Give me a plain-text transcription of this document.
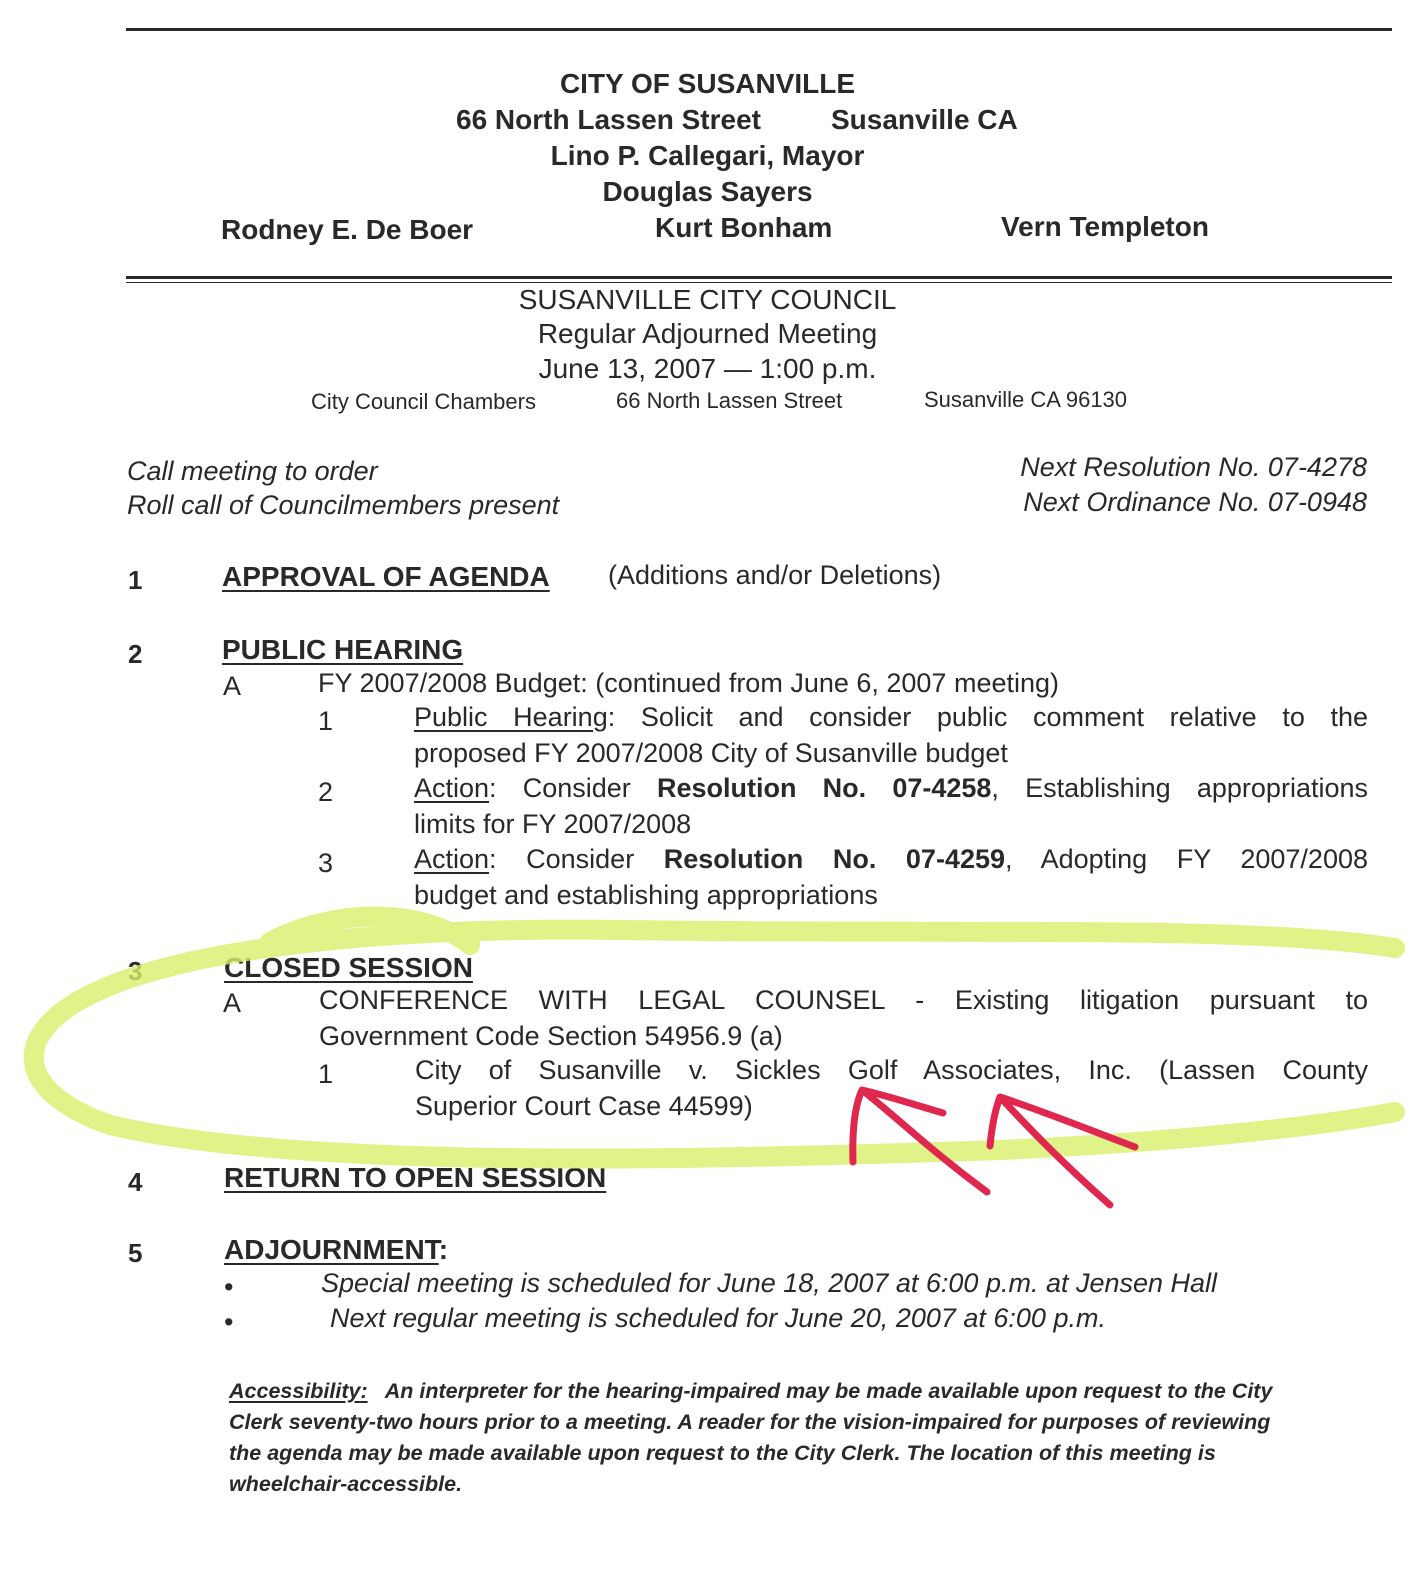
CITY OF SUSANVILLE
66 North Lassen Street	Susanville CA
Lino P. Callegari, Mayor
Douglas Sayers
Rodney E. De Boer	Kurt Bonham	Vern Templeton
SUSANVILLE CITY COUNCIL
Regular Adjourned Meeting
June 13, 2007 — 1:00 p.m.
City Council Chambers	66 North Lassen Street	Susanville CA 96130
Call meeting to order
Roll call of Councilmembers present
Next Resolution No. 07-4278
Next Ordinance No. 07-0948
1	APPROVAL OF AGENDA (Additions and/or Deletions)
2	PUBLIC HEARING
A	FY 2007/2008 Budget: (continued from June 6, 2007 meeting)
1	Public Hearing: Solicit and consider public comment relative to the
proposed FY 2007/2008 City of Susanville budget
2	Action: Consider Resolution No. 07-4258, Establishing appropriations
limits for FY 2007/2008
3	Action: Consider Resolution No. 07-4259, Adopting FY 2007/2008
budget and establishing appropriations
3	CLOSED SESSION
A	CONFERENCE WITH LEGAL COUNSEL - Existing litigation pursuant to
Government Code Section 54956.9 (a)
1	City of Susanville v. Sickles Golf Associates, Inc. (Lassen County
Superior Court Case 44599)
4	RETURN TO OPEN SESSION
5	ADJOURNMENT:
•	Special meeting is scheduled for June 18, 2007 at 6:00 p.m. at Jensen Hall
•	Next regular meeting is scheduled for June 20, 2007 at 6:00 p.m.
Accessibility: An interpreter for the hearing-impaired may be made available upon request to the City Clerk seventy-two hours prior to a meeting. A reader for the vision-impaired for purposes of reviewing the agenda may be made available upon request to the City Clerk. The location of this meeting is wheelchair-accessible.
